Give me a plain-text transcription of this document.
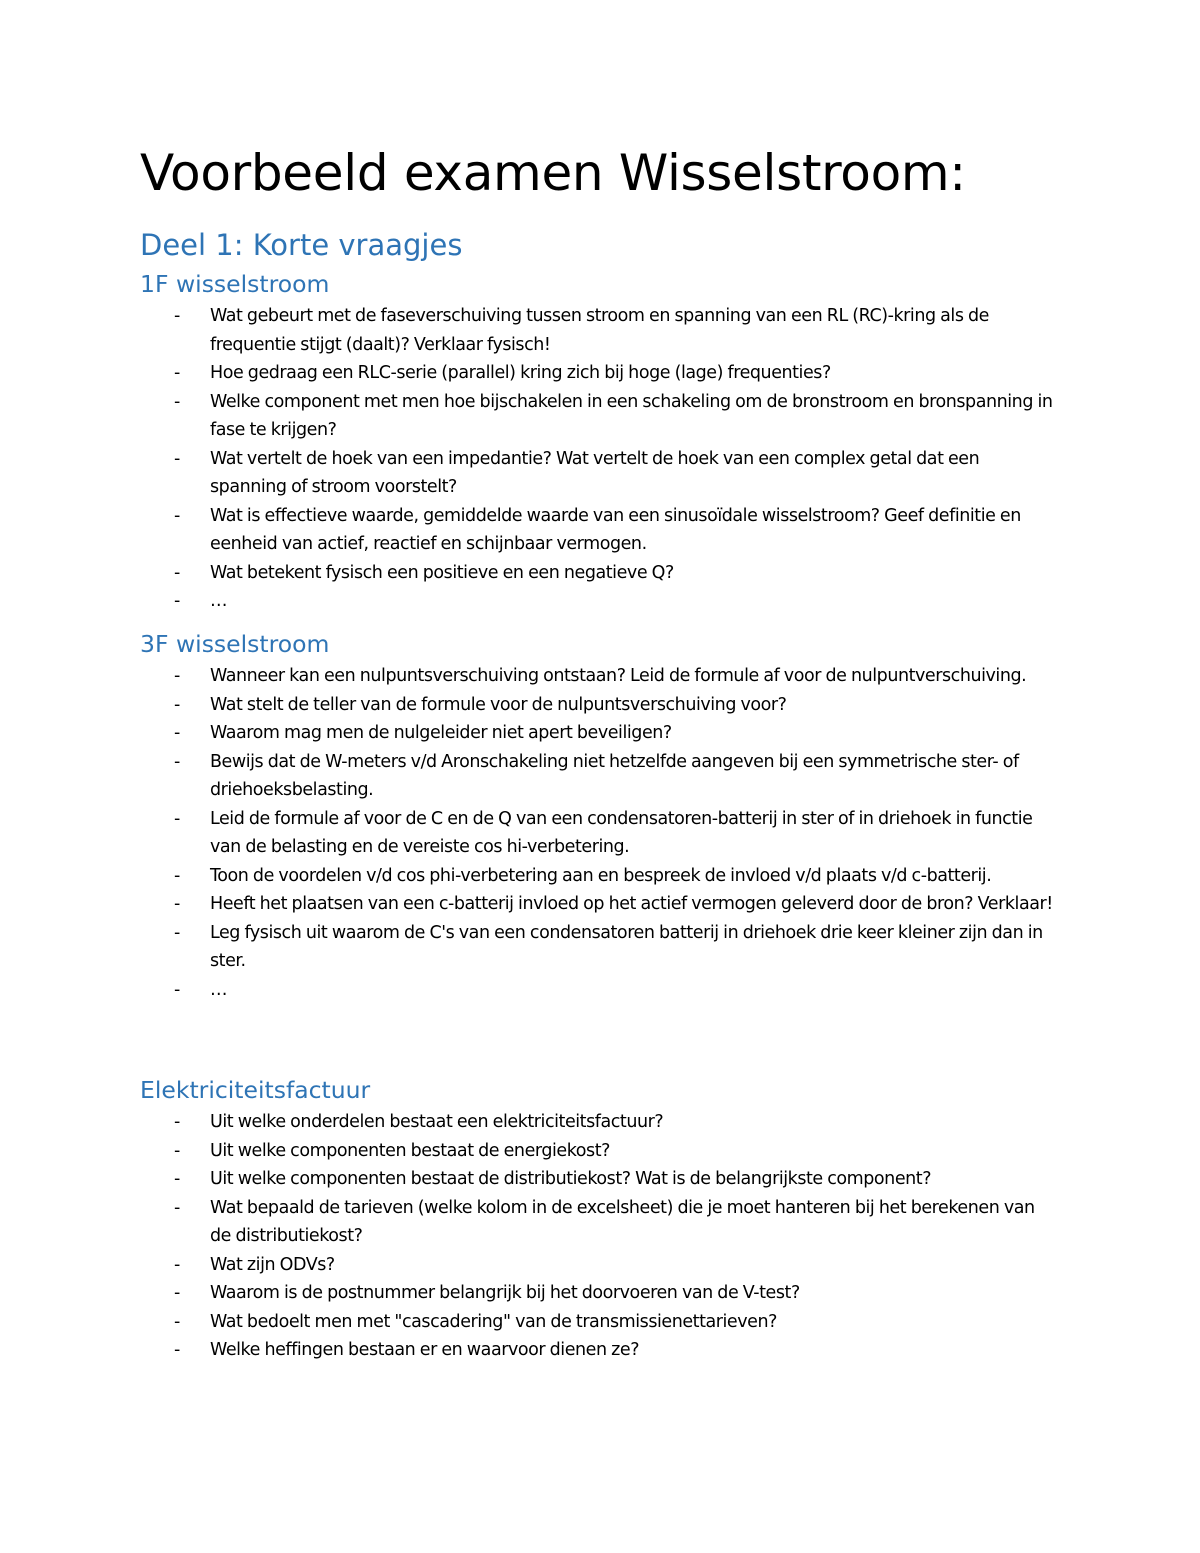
Voorbeeld examen Wisselstroom:
Deel 1: Korte vraagjes
1F wisselstroom
-	Wat gebeurt met de faseverschuiving tussen stroom en spanning van een RL (RC)-kring als de frequentie stijgt (daalt)? Verklaar fysisch!
-	Hoe gedraag een RLC-serie (parallel) kring zich bij hoge (lage) frequenties?
-	Welke component met men hoe bijschakelen in een schakeling om de bronstroom en bronspanning in fase te krijgen?
-	Wat vertelt de hoek van een impedantie? Wat vertelt de hoek van een complex getal dat een spanning of stroom voorstelt?
-	Wat is effectieve waarde, gemiddelde waarde van een sinusoïdale wisselstroom? Geef definitie en eenheid van actief, reactief en schijnbaar vermogen.
-	Wat betekent fysisch een positieve en een negatieve Q?
-	…
3F wisselstroom
-	Wanneer kan een nulpuntsverschuiving ontstaan? Leid de formule af voor de nulpuntverschuiving.
-	Wat stelt de teller van de formule voor de nulpuntsverschuiving voor?
-	Waarom mag men de nulgeleider niet apert beveiligen?
-	Bewijs dat de W-meters v/d Aronschakeling niet hetzelfde aangeven bij een symmetrische ster- of driehoeksbelasting.
-	Leid de formule af voor de C en de Q van een condensatoren-batterij in ster of in driehoek in functie van de belasting en de vereiste cos hi-verbetering.
-	Toon de voordelen v/d cos phi-verbetering aan en bespreek de invloed v/d plaats v/d c-batterij.
-	Heeft het plaatsen van een c-batterij invloed op het actief vermogen geleverd door de bron? Verklaar!
-	Leg fysisch uit waarom de C's van een condensatoren batterij in driehoek drie keer kleiner zijn dan in ster.
-	…
Elektriciteitsfactuur
-	Uit welke onderdelen bestaat een elektriciteitsfactuur?
-	Uit welke componenten bestaat de energiekost?
-	Uit welke componenten bestaat de distributiekost? Wat is de belangrijkste component?
-	Wat bepaald de tarieven (welke kolom in de excelsheet) die je moet hanteren bij het berekenen van de distributiekost?
-	Wat zijn ODVs?
-	Waarom is de postnummer belangrijk bij het doorvoeren van de V-test?
-	Wat bedoelt men met "cascadering" van de transmissienettarieven?
-	Welke heffingen bestaan er en waarvoor dienen ze?
